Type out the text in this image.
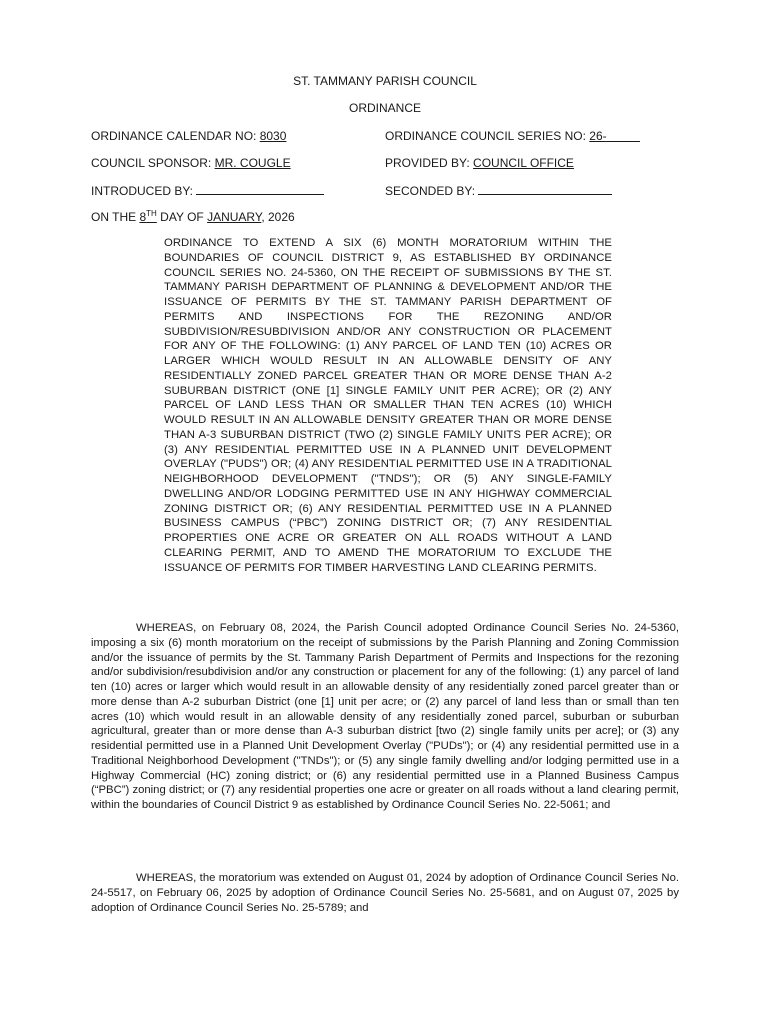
ST. TAMMANY PARISH COUNCIL
ORDINANCE
ORDINANCE CALENDAR NO: 8030	ORDINANCE COUNCIL SERIES NO: 26-
COUNCIL SPONSOR: MR. COUGLE	PROVIDED BY: COUNCIL OFFICE
INTRODUCED BY:	SECONDED BY:
ON THE 8TH DAY OF JANUARY, 2026
ORDINANCE TO EXTEND A SIX (6) MONTH MORATORIUM WITHIN THE BOUNDARIES OF COUNCIL DISTRICT 9, AS ESTABLISHED BY ORDINANCE COUNCIL SERIES NO. 24-5360, ON THE RECEIPT OF SUBMISSIONS BY THE ST. TAMMANY PARISH DEPARTMENT OF PLANNING & DEVELOPMENT AND/OR THE ISSUANCE OF PERMITS BY THE ST. TAMMANY PARISH DEPARTMENT OF PERMITS AND INSPECTIONS FOR THE REZONING AND/OR SUBDIVISION/RESUBDIVISION AND/OR ANY CONSTRUCTION OR PLACEMENT FOR ANY OF THE FOLLOWING: (1) ANY PARCEL OF LAND TEN (10) ACRES OR LARGER WHICH WOULD RESULT IN AN ALLOWABLE DENSITY OF ANY RESIDENTIALLY ZONED PARCEL GREATER THAN OR MORE DENSE THAN A-2 SUBURBAN DISTRICT (ONE [1] SINGLE FAMILY UNIT PER ACRE); OR (2) ANY PARCEL OF LAND LESS THAN OR SMALLER THAN TEN ACRES (10) WHICH WOULD RESULT IN AN ALLOWABLE DENSITY GREATER THAN OR MORE DENSE THAN A-3 SUBURBAN DISTRICT (TWO (2) SINGLE FAMILY UNITS PER ACRE); OR (3) ANY RESIDENTIAL PERMITTED USE IN A PLANNED UNIT DEVELOPMENT OVERLAY ("PUDS") OR; (4) ANY RESIDENTIAL PERMITTED USE IN A TRADITIONAL NEIGHBORHOOD DEVELOPMENT ("TNDS"); OR (5) ANY SINGLE-FAMILY DWELLING AND/OR LODGING PERMITTED USE IN ANY HIGHWAY COMMERCIAL ZONING DISTRICT OR; (6) ANY RESIDENTIAL PERMITTED USE IN A PLANNED BUSINESS CAMPUS (“PBC”) ZONING DISTRICT OR; (7) ANY RESIDENTIAL PROPERTIES ONE ACRE OR GREATER ON ALL ROADS WITHOUT A LAND CLEARING PERMIT, AND TO AMEND THE MORATORIUM TO EXCLUDE THE ISSUANCE OF PERMITS FOR TIMBER HARVESTING LAND CLEARING PERMITS.
WHEREAS, on February 08, 2024, the Parish Council adopted Ordinance Council Series No. 24-5360, imposing a six (6) month moratorium on the receipt of submissions by the Parish Planning and Zoning Commission and/or the issuance of permits by the St. Tammany Parish Department of Permits and Inspections for the rezoning and/or subdivision/resubdivision and/or any construction or placement for any of the following: (1) any parcel of land ten (10) acres or larger which would result in an allowable density of any residentially zoned parcel greater than or more dense than A-2 suburban District (one [1] unit per acre; or (2) any parcel of land less than or small than ten acres (10) which would result in an allowable density of any residentially zoned parcel, suburban or suburban agricultural, greater than or more dense than A-3 suburban district [two (2) single family units per acre]; or (3) any residential permitted use in a Planned Unit Development Overlay ("PUDs"); or (4) any residential permitted use in a Traditional Neighborhood Development ("TNDs"); or (5) any single family dwelling and/or lodging permitted use in a Highway Commercial (HC) zoning district; or (6) any residential permitted use in a Planned Business Campus (“PBC”) zoning district; or (7) any residential properties one acre or greater on all roads without a land clearing permit, within the boundaries of Council District 9 as established by Ordinance Council Series No. 22-5061; and
WHEREAS, the moratorium was extended on August 01, 2024 by adoption of Ordinance Council Series No. 24-5517, on February 06, 2025 by adoption of Ordinance Council Series No. 25-5681, and on August 07, 2025 by adoption of Ordinance Council Series No. 25-5789; and
